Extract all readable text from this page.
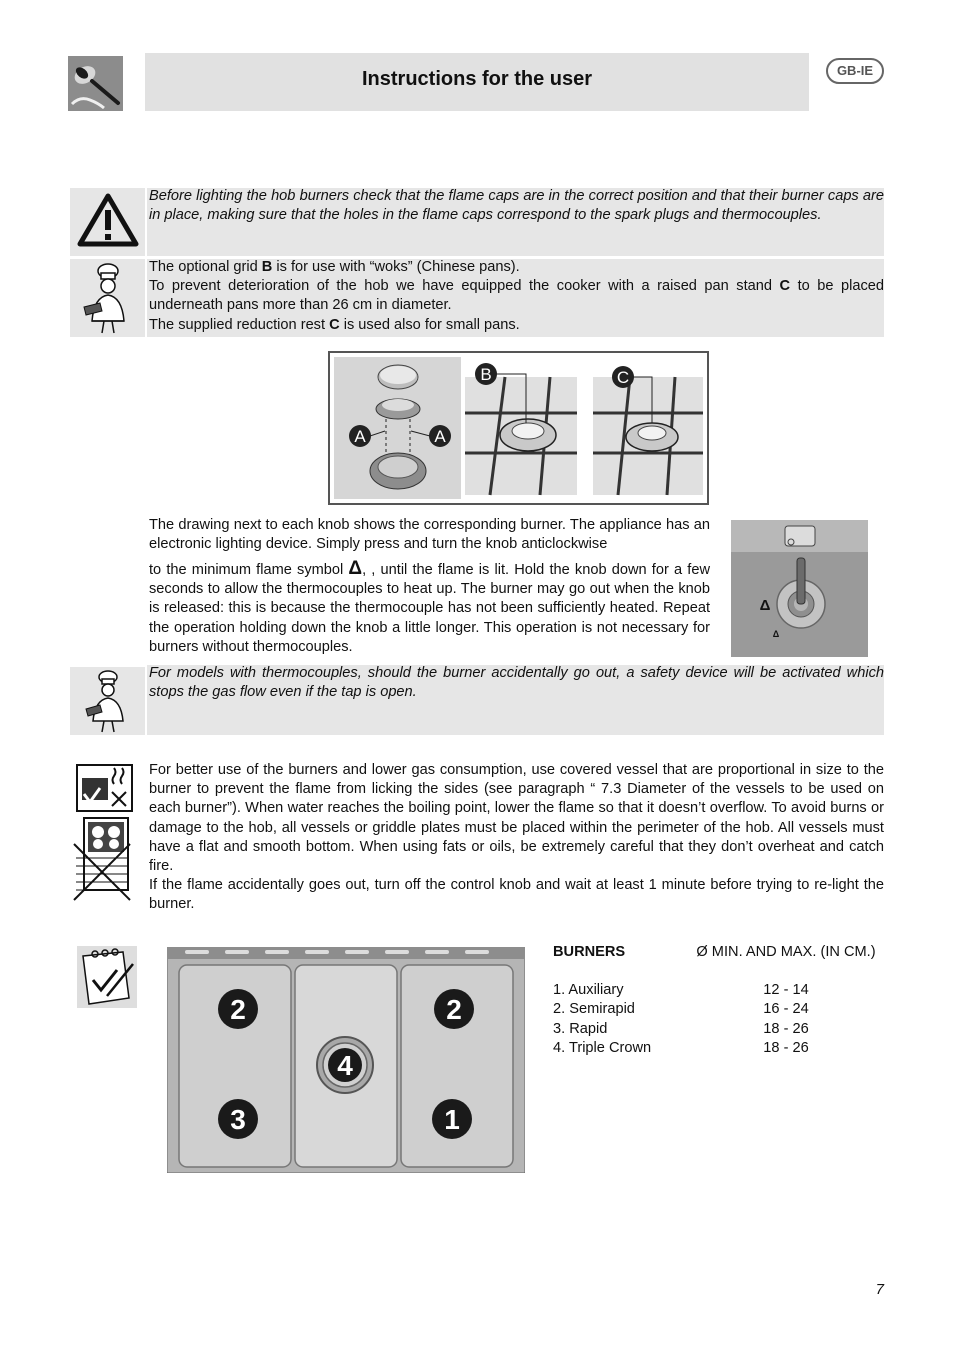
Instructions for the user	GB-IE
Before lighting the hob burners check that the flame caps are in the correct position and that their burner caps are in place, making sure that the holes in the flame caps correspond to the spark plugs and thermocouples.

The optional grid B is for use with “woks” (Chinese pans).

To prevent deterioration of the hob we have equipped the cooker with a raised pan stand C to be placed underneath pans more than 26 cm in diameter.

The supplied reduction rest C is used also for small pans.

A	A
B	C
The drawing next to each knob shows the corresponding burner. The appliance has an electronic lighting device. Simply press and turn the knob anticlockwise
to the minimum flame symbol Δ, , until the flame is lit. Hold the knob down for a few seconds to allow the thermocouples to heat up. The burner may go out when the knob is released: this is because the thermocouple has not been sufficiently heated. Repeat the operation holding down the knob a little longer. This operation is not necessary for burners without thermocouples.
Δ
Δ
For models with thermocouples, should the burner accidentally go out, a safety device will be activated which stops the gas flow even if the tap is open.

For better use of the burners and lower gas consumption, use covered vessel that are proportional in size to the burner to prevent the flame from licking the sides (see paragraph “ 7.3 Diameter of the vessels to be used on each burner”). When water reaches the boiling point, lower the flame so that it doesn’t overflow. To avoid burns or damage to the hob, all vessels or griddle plates must be placed within the perimeter of the hob. All vessels must have a flat and smooth bottom. When using fats or oils, be extremely careful that they don’t overheat and catch fire.

If the flame accidentally goes out, turn off the control knob and wait at least 1 minute before trying to re-light the burner.

2	2
4
3	1
BURNERS	Ø MIN. AND MAX. (IN CM.)
1. Auxiliary	12 - 14
2. Semirapid	16 - 24
3. Rapid	18 - 26
4. Triple Crown	18 - 26
7
